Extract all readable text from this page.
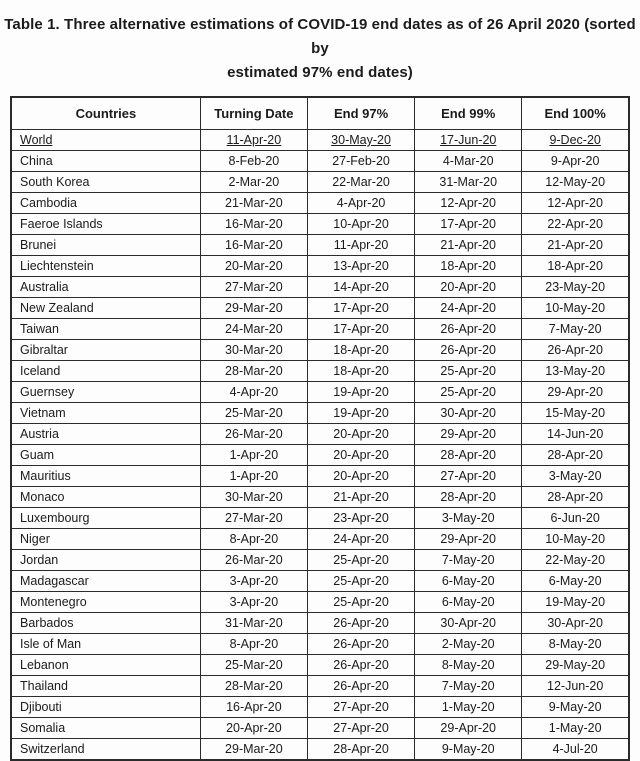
Table 1. Three alternative estimations of COVID-19 end dates as of 26 April 2020 (sorted by
estimated 97% end dates)
Countries	Turning Date	End 97%	End 99%	End 100%
World	11-Apr-20	30-May-20	17-Jun-20	9-Dec-20
China	8-Feb-20	27-Feb-20	4-Mar-20	9-Apr-20
South Korea	2-Mar-20	22-Mar-20	31-Mar-20	12-May-20
Cambodia	21-Mar-20	4-Apr-20	12-Apr-20	12-Apr-20
Faeroe Islands	16-Mar-20	10-Apr-20	17-Apr-20	22-Apr-20
Brunei	16-Mar-20	11-Apr-20	21-Apr-20	21-Apr-20
Liechtenstein	20-Mar-20	13-Apr-20	18-Apr-20	18-Apr-20
Australia	27-Mar-20	14-Apr-20	20-Apr-20	23-May-20
New Zealand	29-Mar-20	17-Apr-20	24-Apr-20	10-May-20
Taiwan	24-Mar-20	17-Apr-20	26-Apr-20	7-May-20
Gibraltar	30-Mar-20	18-Apr-20	26-Apr-20	26-Apr-20
Iceland	28-Mar-20	18-Apr-20	25-Apr-20	13-May-20
Guernsey	4-Apr-20	19-Apr-20	25-Apr-20	29-Apr-20
Vietnam	25-Mar-20	19-Apr-20	30-Apr-20	15-May-20
Austria	26-Mar-20	20-Apr-20	29-Apr-20	14-Jun-20
Guam	1-Apr-20	20-Apr-20	28-Apr-20	28-Apr-20
Mauritius	1-Apr-20	20-Apr-20	27-Apr-20	3-May-20
Monaco	30-Mar-20	21-Apr-20	28-Apr-20	28-Apr-20
Luxembourg	27-Mar-20	23-Apr-20	3-May-20	6-Jun-20
Niger	8-Apr-20	24-Apr-20	29-Apr-20	10-May-20
Jordan	26-Mar-20	25-Apr-20	7-May-20	22-May-20
Madagascar	3-Apr-20	25-Apr-20	6-May-20	6-May-20
Montenegro	3-Apr-20	25-Apr-20	6-May-20	19-May-20
Barbados	31-Mar-20	26-Apr-20	30-Apr-20	30-Apr-20
Isle of Man	8-Apr-20	26-Apr-20	2-May-20	8-May-20
Lebanon	25-Mar-20	26-Apr-20	8-May-20	29-May-20
Thailand	28-Mar-20	26-Apr-20	7-May-20	12-Jun-20
Djibouti	16-Apr-20	27-Apr-20	1-May-20	9-May-20
Somalia	20-Apr-20	27-Apr-20	29-Apr-20	1-May-20
Switzerland	29-Mar-20	28-Apr-20	9-May-20	4-Jul-20
